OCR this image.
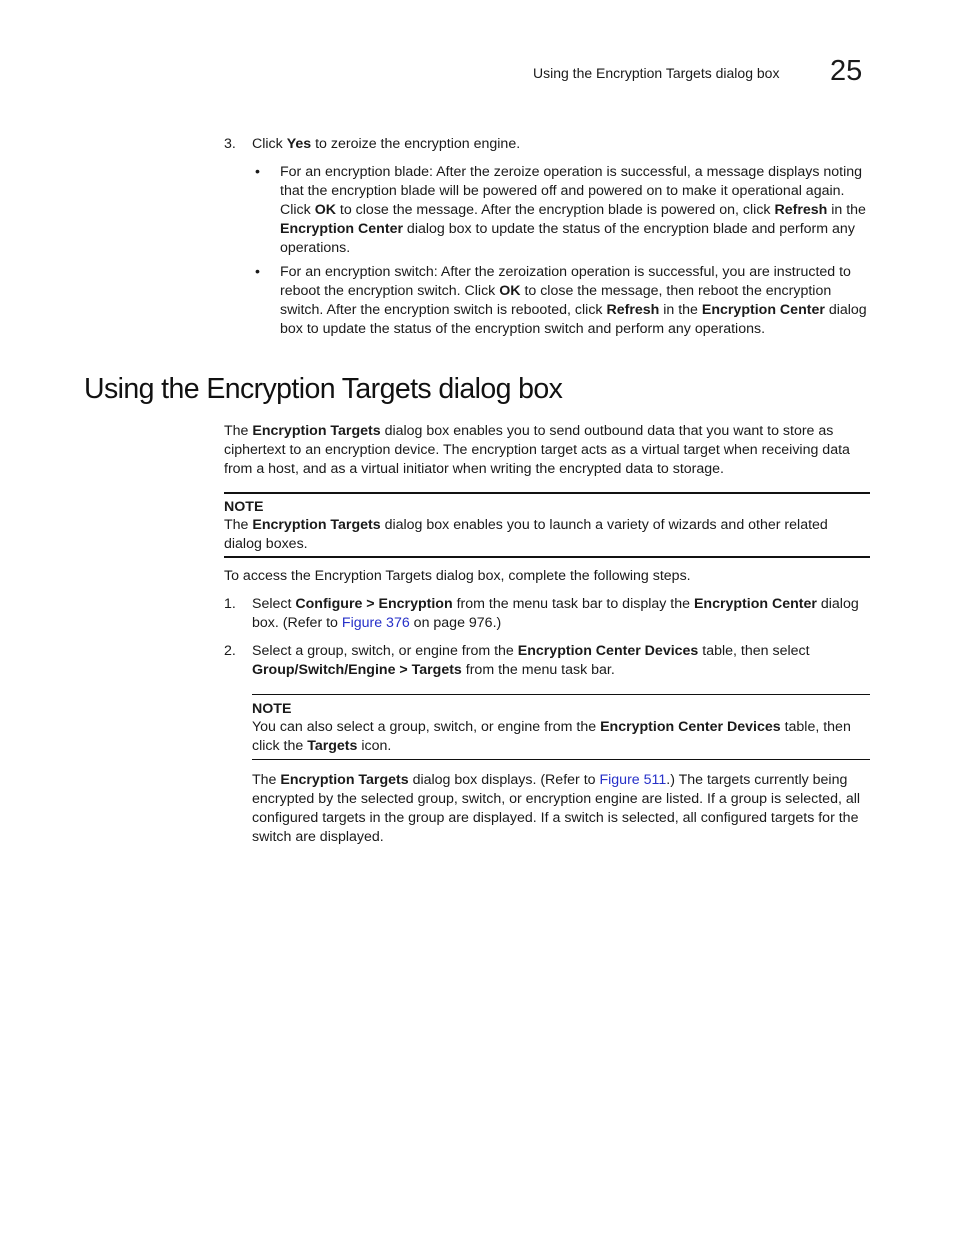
Using the Encryption Targets dialog box 25
3.	Click Yes to zeroize the encryption engine.

• For an encryption blade: After the zeroize operation is successful, a message displays noting that the encryption blade will be powered off and powered on to make it operational again. Click OK to close the message. After the encryption blade is powered on, click Refresh in the Encryption Center dialog box to update the status of the encryption blade and perform any operations.

• For an encryption switch: After the zeroization operation is successful, you are instructed to reboot the encryption switch. Click OK to close the message, then reboot the encryption switch. After the encryption switch is rebooted, click Refresh in the Encryption Center dialog box to update the status of the encryption switch and perform any operations.

Using the Encryption Targets dialog box

The Encryption Targets dialog box enables you to send outbound data that you want to store as ciphertext to an encryption device. The encryption target acts as a virtual target when receiving data from a host, and as a virtual initiator when writing the encrypted data to storage.

NOTE

The Encryption Targets dialog box enables you to launch a variety of wizards and other related dialog boxes.

To access the Encryption Targets dialog box, complete the following steps.

1.	Select Configure > Encryption from the menu task bar to display the Encryption Center dialog box. (Refer to Figure 376 on page 976.)

2.	Select a group, switch, or engine from the Encryption Center Devices table, then select Group/Switch/Engine > Targets from the menu task bar.

NOTE

You can also select a group, switch, or engine from the Encryption Center Devices table, then click the Targets icon.

The Encryption Targets dialog box displays. (Refer to Figure 511.) The targets currently being encrypted by the selected group, switch, or encryption engine are listed. If a group is selected, all configured targets in the group are displayed. If a switch is selected, all configured targets for the switch are displayed.
